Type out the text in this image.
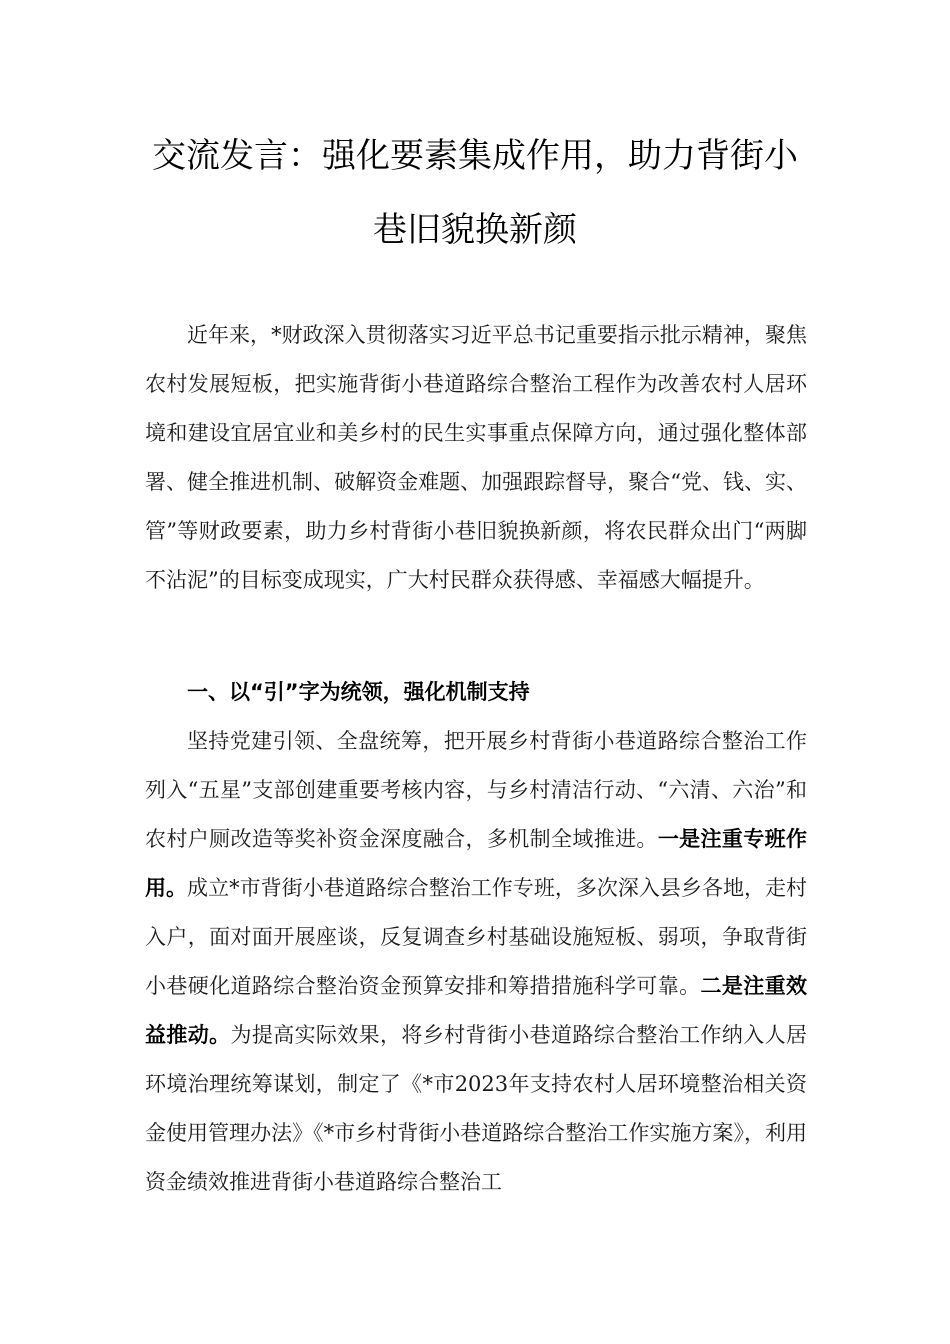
交流发言：强化要素集成作用，助力背街小
巷旧貌换新颜

近年来，*财政深入贯彻落实习近平总书记重要指示批示精神，聚焦农村发展短板，把实施背街小巷道路综合整治工程作为改善农村人居环境和建设宜居宜业和美乡村的民生实事重点保障方向，通过强化整体部署、健全推进机制、破解资金难题、加强跟踪督导，聚合“党、钱、实、管”等财政要素，助力乡村背街小巷旧貌换新颜，将农民群众出门“两脚不沾泥”的目标变成现实，广大村民群众获得感、幸福感大幅提升。

一、以“引”字为统领，强化机制支持

坚持党建引领、全盘统筹，把开展乡村背街小巷道路综合整治工作列入“五星”支部创建重要考核内容，与乡村清洁行动、“六清、六治”和农村户厕改造等奖补资金深度融合，多机制全域推进。一是注重专班作用。成立*市背街小巷道路综合整治工作专班，多次深入县乡各地，走村入户，面对面开展座谈，反复调查乡村基础设施短板、弱项，争取背街小巷硬化道路综合整治资金预算安排和筹措措施科学可靠。二是注重效益推动。为提高实际效果，将乡村背街小巷道路综合整治工作纳入人居环境治理统筹谋划，制定了《*市2023年支持农村人居环境整治相关资金使用管理办法》《*市乡村背街小巷道路综合整治工作实施方案》，利用资金绩效推进背街小巷道路综合整治工
